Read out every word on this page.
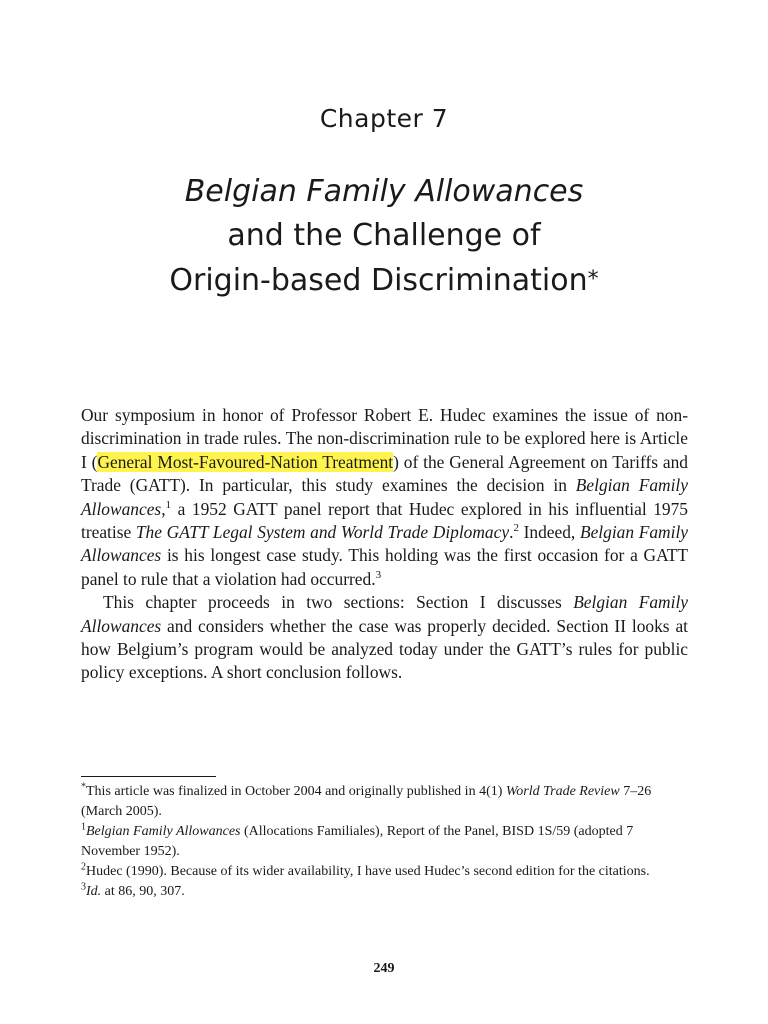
Chapter 7
Belgian Family Allowances
and the Challenge of
Origin-based Discrimination*

Our symposium in honor of Professor Robert E. Hudec examines the issue of non-discrimination in trade rules. The non-discrimination rule to be explored here is Article I (General Most-Favoured-Nation Treatment) of the General Agreement on Tariffs and Trade (GATT). In particular, this study examines the decision in Belgian Family Allowances,$^1$ a 1952 GATT panel report that Hudec explored in his influential 1975 treatise The GATT Legal System and World Trade Diplomacy.$^2$ Indeed, Belgian Family Allowances is his longest case study. This holding was the first occasion for a GATT panel to rule that a violation had occurred.$^3$

This chapter proceeds in two sections: Section I discusses Belgian Family Allowances and considers whether the case was properly decided. Section II looks at how Belgium’s program would be analyzed today under the GATT’s rules for public policy exceptions. A short conclusion follows.

*This article was finalized in October 2004 and originally published in 4(1) World Trade Review 7–26 (March 2005).

$^1$Belgian Family Allowances (Allocations Familiales), Report of the Panel, BISD 1S/59 (adopted 7 November 1952).

$^2$Hudec (1990). Because of its wider availability, I have used Hudec’s second edition for the citations.

$^3$Id. at 86, 90, 307.

249
